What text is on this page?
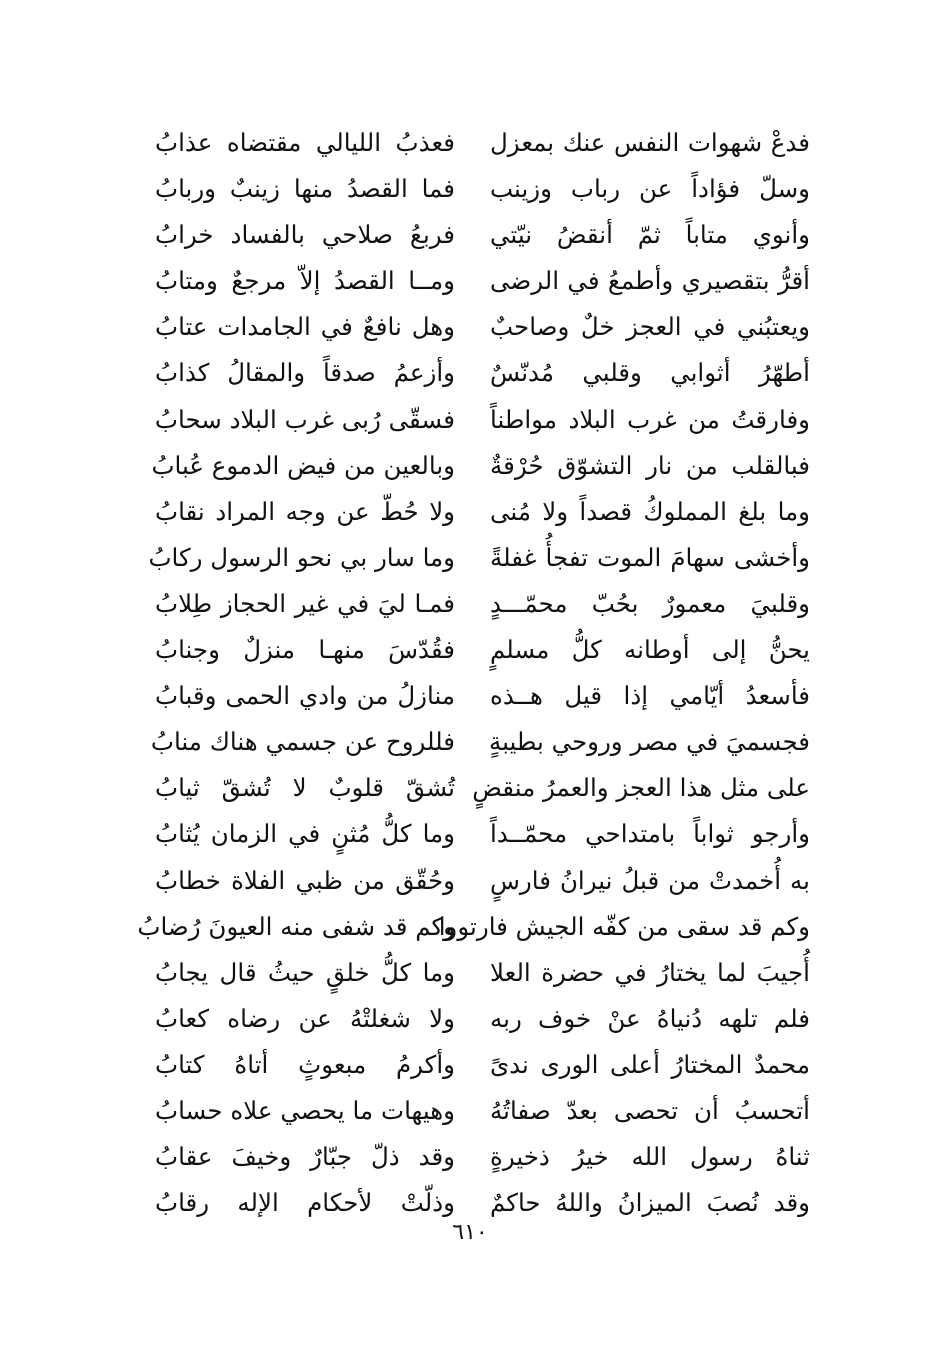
فدعْ شهوات النفس عنك بمعزل
فعذبُ الليالي مقتضاه عذابُ
وسلّ فؤاداً عن رباب وزينب
فما القصدُ منها زينبٌ وربابُ
وأنوي متاباً ثمّ أنقضُ نيّتي
فربعُ صلاحي بالفساد خرابُ
أقرُّ بتقصيري وأطمعُ في الرضى
ومــا القصدُ إلاّ مرجعٌ ومتابُ
ويعتبُني في العجز خلٌ وصاحبٌ
وهل نافعٌ في الجامدات عتابُ
أطهّرُ أثوابي وقلبي مُدنّسٌ
وأزعمُ صدقاً والمقالُ كذابُ
وفارقتُ من غرب البلاد مواطناً
فسقّى رُبى غرب البلاد سحابُ
فبالقلب من نار التشوّق حُرْقةٌ
وبالعين من فيض الدموع عُبابُ
وما بلغ المملوكُ قصداً ولا مُنى
ولا حُطّ عن وجه المراد نقابُ
وأخشى سهامَ الموت تفجأُ غفلةً
وما سار بي نحو الرسول ركابُ
وقلبيَ معمورٌ بحُبّ محمّـــدٍ
فمـا ليَ في غير الحجاز طِلابُ
يحنُّ إلى أوطانه كلُّ مسلمٍ
فقُدّسَ منهـا منزلٌ وجنابُ
فأسعدُ أيّامي إذا قيل هــذه
منازلُ من وادي الحمى وقبابُ
فجسميَ في مصر وروحي بطيبةٍ
فللروح عن جسمي هناك منابُ
على مثل هذا العجز والعمرُ منقضٍ
تُشقّ قلوبٌ لا تُشقّ ثيابُ
وأرجو ثواباً بامتداحي محمّــداً
وما كلُّ مُثنٍ في الزمان يُثابُ
به أُخمدتْ من قبلُ نيرانُ فارسٍ
وحُقّق من ظبي الفلاة خطابُ
وكم قد سقى من كفّه الجيش فارتووا
وكم قد شفى منه العيونَ رُضابُ
أُجيبَ لما يختارُ في حضرة العلا
وما كلُّ خلقٍ حيثُ قال يجابُ
فلم تلهه دُنياهُ عنْ خوف ربه
ولا شغلتْهُ عن رضاه كعابُ
محمدٌ المختارُ أعلى الورى ندىً
وأكرمُ مبعوثٍ أتاهُ كتابُ
أتحسبُ أن تحصى بعدّ صفاتُهُ
وهيهات ما يحصي علاه حسابُ
ثناهُ رسول الله خيرُ ذخيرةٍ
وقد ذلّ جبّارٌ وخيفَ عقابُ
وقد نُصبَ الميزانُ واللهُ حاكمٌ
وذلّتْ لأحكام الإله رقابُ
٦١٠
